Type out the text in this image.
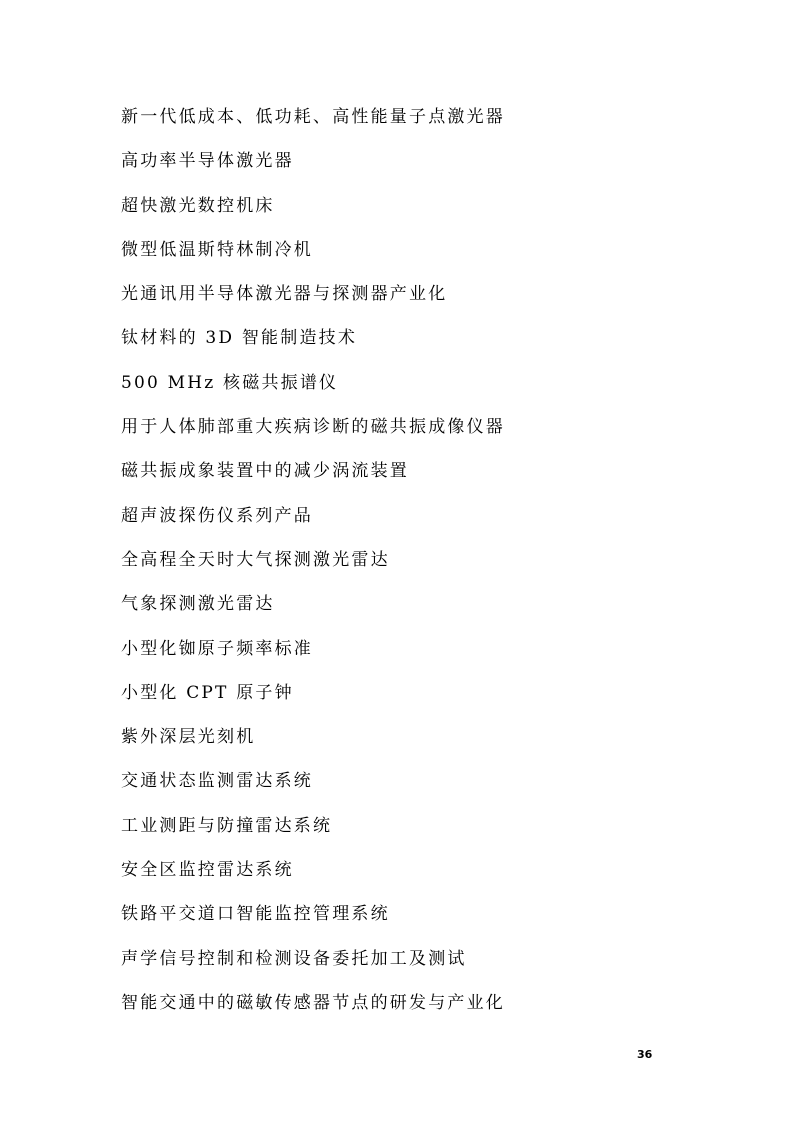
新一代低成本、低功耗、高性能量子点激光器
高功率半导体激光器
超快激光数控机床
微型低温斯特林制冷机
光通讯用半导体激光器与探测器产业化
钛材料的 3D 智能制造技术
500 MHz 核磁共振谱仪
用于人体肺部重大疾病诊断的磁共振成像仪器
磁共振成象装置中的减少涡流装置
超声波探伤仪系列产品
全高程全天时大气探测激光雷达
气象探测激光雷达
小型化铷原子频率标准
小型化 CPT 原子钟
紫外深层光刻机
交通状态监测雷达系统
工业测距与防撞雷达系统
安全区监控雷达系统
铁路平交道口智能监控管理系统
声学信号控制和检测设备委托加工及测试
智能交通中的磁敏传感器节点的研发与产业化
36
